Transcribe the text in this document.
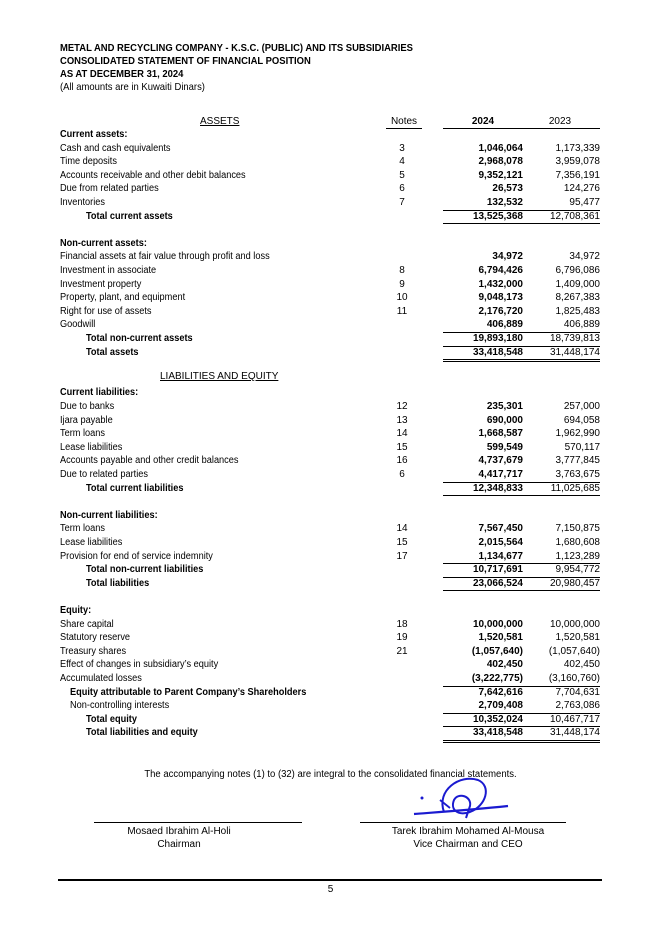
METAL AND RECYCLING COMPANY - K.S.C. (PUBLIC) AND ITS SUBSIDIARIES
CONSOLIDATED STATEMENT OF FINANCIAL POSITION
AS AT DECEMBER 31, 2024
(All amounts are in Kuwaiti Dinars)
ASSETS	Notes	2024	2023
Current assets:
Cash and cash equivalents	3	1,046,064	1,173,339
Time deposits	4	2,968,078	3,959,078
Accounts receivable and other debit balances	5	9,352,121	7,356,191
Due from related parties	6	26,573	124,276
Inventories	7	132,532	95,477
Total current assets	13,525,368	12,708,361
Non-current assets:
Financial assets at fair value through profit and loss	34,972	34,972
Investment in associate	8	6,794,426	6,796,086
Investment property	9	1,432,000	1,409,000
Property, plant, and equipment	10	9,048,173	8,267,383
Right for use of assets	11	2,176,720	1,825,483
Goodwill	406,889	406,889
Total non-current assets	19,893,180	18,739,813
Total assets	33,418,548	31,448,174
LIABILITIES AND EQUITY
Current liabilities:
Due to banks	12	235,301	257,000
Ijara payable	13	690,000	694,058
Term loans	14	1,668,587	1,962,990
Lease liabilities	15	599,549	570,117
Accounts payable and other credit balances	16	4,737,679	3,777,845
Due to related parties	6	4,417,717	3,763,675
Total current liabilities	12,348,833	11,025,685
Non-current liabilities:
Term loans	14	7,567,450	7,150,875
Lease liabilities	15	2,015,564	1,680,608
Provision for end of service indemnity	17	1,134,677	1,123,289
Total non-current liabilities	10,717,691	9,954,772
Total liabilities	23,066,524	20,980,457
Equity:
Share capital	18	10,000,000	10,000,000
Statutory reserve	19	1,520,581	1,520,581
Treasury shares	21	(1,057,640)	(1,057,640)
Effect of changes in subsidiary’s equity	402,450	402,450
Accumulated losses	(3,222,775)	(3,160,760)
Equity attributable to Parent Company’s Shareholders	7,642,616	7,704,631
Non-controlling interests	2,709,408	2,763,086
Total equity	10,352,024	10,467,717
Total liabilities and equity	33,418,548	31,448,174
The accompanying notes (1) to (32) are integral to the consolidated financial statements.
Mosaed Ibrahim Al-Holi
Chairman
Tarek Ibrahim Mohamed Al-Mousa
Vice Chairman and CEO
5
